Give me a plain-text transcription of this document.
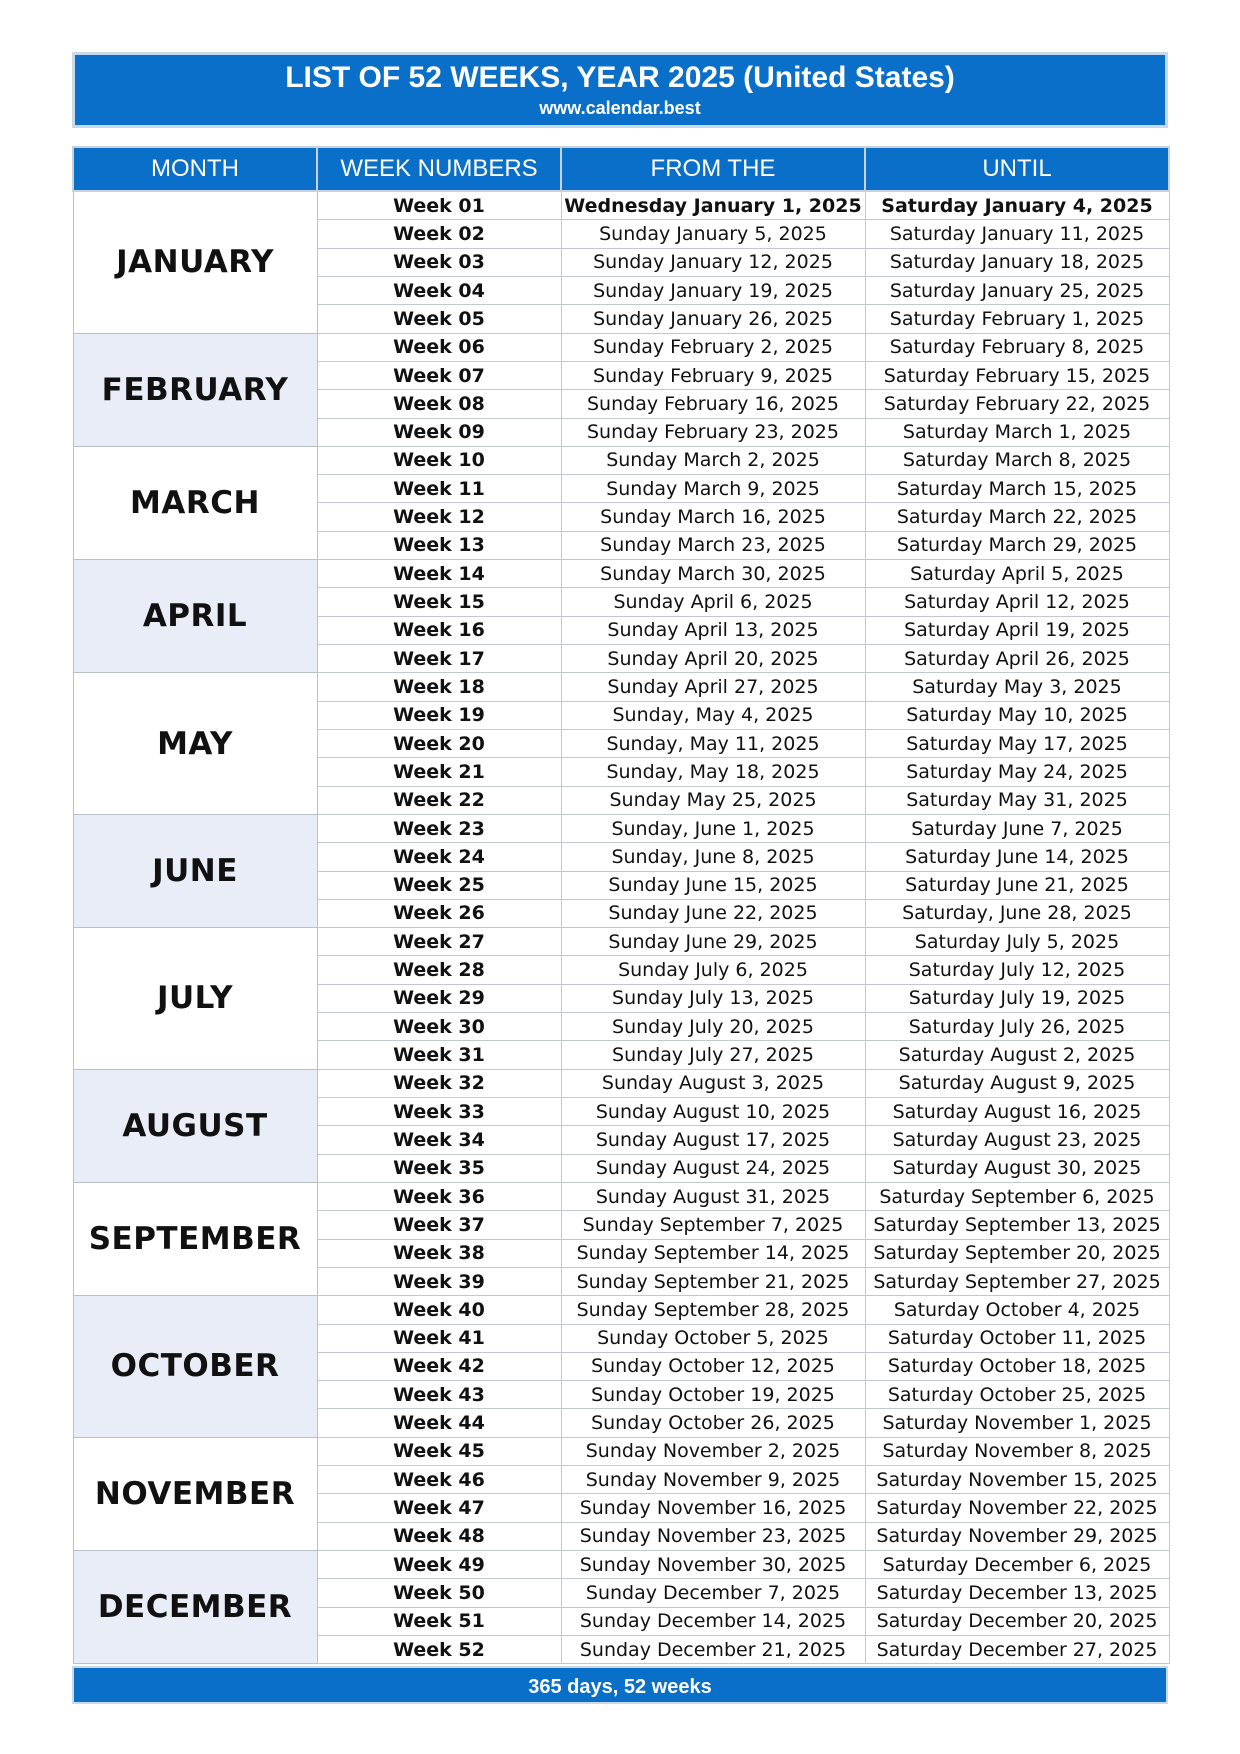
LIST OF 52 WEEKS, YEAR 2025 (United States)
www.calendar.best
MONTH	WEEK NUMBERS	FROM THE	UNTIL
JANUARY	Week 01	Wednesday January 1, 2025	Saturday January 4, 2025
	Week 02	Sunday January 5, 2025	Saturday January 11, 2025
	Week 03	Sunday January 12, 2025	Saturday January 18, 2025
	Week 04	Sunday January 19, 2025	Saturday January 25, 2025
	Week 05	Sunday January 26, 2025	Saturday February 1, 2025
FEBRUARY	Week 06	Sunday February 2, 2025	Saturday February 8, 2025
	Week 07	Sunday February 9, 2025	Saturday February 15, 2025
	Week 08	Sunday February 16, 2025	Saturday February 22, 2025
	Week 09	Sunday February 23, 2025	Saturday March 1, 2025
MARCH	Week 10	Sunday March 2, 2025	Saturday March 8, 2025
	Week 11	Sunday March 9, 2025	Saturday March 15, 2025
	Week 12	Sunday March 16, 2025	Saturday March 22, 2025
	Week 13	Sunday March 23, 2025	Saturday March 29, 2025
APRIL	Week 14	Sunday March 30, 2025	Saturday April 5, 2025
	Week 15	Sunday April 6, 2025	Saturday April 12, 2025
	Week 16	Sunday April 13, 2025	Saturday April 19, 2025
	Week 17	Sunday April 20, 2025	Saturday April 26, 2025
MAY	Week 18	Sunday April 27, 2025	Saturday May 3, 2025
	Week 19	Sunday, May 4, 2025	Saturday May 10, 2025
	Week 20	Sunday, May 11, 2025	Saturday May 17, 2025
	Week 21	Sunday, May 18, 2025	Saturday May 24, 2025
	Week 22	Sunday May 25, 2025	Saturday May 31, 2025
JUNE	Week 23	Sunday, June 1, 2025	Saturday June 7, 2025
	Week 24	Sunday, June 8, 2025	Saturday June 14, 2025
	Week 25	Sunday June 15, 2025	Saturday June 21, 2025
	Week 26	Sunday June 22, 2025	Saturday, June 28, 2025
JULY	Week 27	Sunday June 29, 2025	Saturday July 5, 2025
	Week 28	Sunday July 6, 2025	Saturday July 12, 2025
	Week 29	Sunday July 13, 2025	Saturday July 19, 2025
	Week 30	Sunday July 20, 2025	Saturday July 26, 2025
	Week 31	Sunday July 27, 2025	Saturday August 2, 2025
AUGUST	Week 32	Sunday August 3, 2025	Saturday August 9, 2025
	Week 33	Sunday August 10, 2025	Saturday August 16, 2025
	Week 34	Sunday August 17, 2025	Saturday August 23, 2025
	Week 35	Sunday August 24, 2025	Saturday August 30, 2025
SEPTEMBER	Week 36	Sunday August 31, 2025	Saturday September 6, 2025
	Week 37	Sunday September 7, 2025	Saturday September 13, 2025
	Week 38	Sunday September 14, 2025	Saturday September 20, 2025
	Week 39	Sunday September 21, 2025	Saturday September 27, 2025
OCTOBER	Week 40	Sunday September 28, 2025	Saturday October 4, 2025
	Week 41	Sunday October 5, 2025	Saturday October 11, 2025
	Week 42	Sunday October 12, 2025	Saturday October 18, 2025
	Week 43	Sunday October 19, 2025	Saturday October 25, 2025
	Week 44	Sunday October 26, 2025	Saturday November 1, 2025
NOVEMBER	Week 45	Sunday November 2, 2025	Saturday November 8, 2025
	Week 46	Sunday November 9, 2025	Saturday November 15, 2025
	Week 47	Sunday November 16, 2025	Saturday November 22, 2025
	Week 48	Sunday November 23, 2025	Saturday November 29, 2025
DECEMBER	Week 49	Sunday November 30, 2025	Saturday December 6, 2025
	Week 50	Sunday December 7, 2025	Saturday December 13, 2025
	Week 51	Sunday December 14, 2025	Saturday December 20, 2025
	Week 52	Sunday December 21, 2025	Saturday December 27, 2025
365 days, 52 weeks
